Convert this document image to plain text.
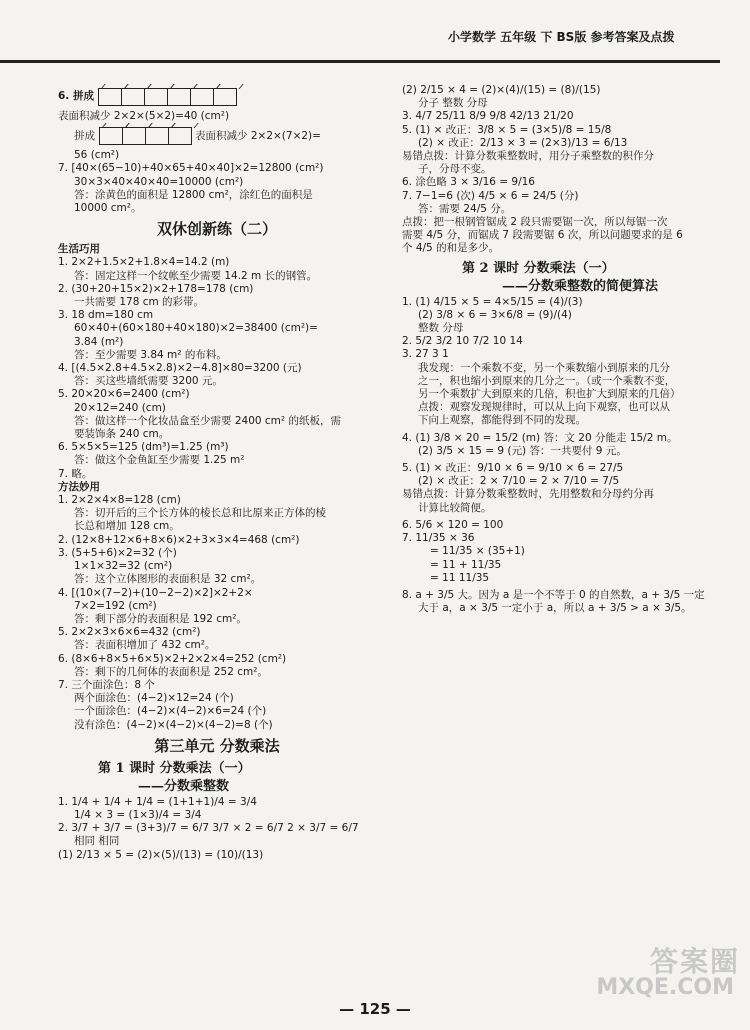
小学数学 五年级 下 BS版 参考答案及点拨
6. 拼成
表面积减少 2×2×(5×2)=40 (cm²)
拼成	表面积减少 2×2×(7×2)=
56 (cm²)
7. [40×(65−10)+40×65+40×40]×2=12800 (cm²)
30×3×40×40×40=10000 (cm²)
答：涂黄色的面积是 12800 cm²，涂红色的面积是
10000 cm²。
双休创新练（二）
生活巧用
1. 2×2+1.5×2+1.8×4=14.2 (m)
答：固定这样一个纹帐至少需要 14.2 m 长的钢管。
2. (30+20+15×2)×2+178=178 (cm)
一共需要 178 cm 的彩带。
3. 18 dm=180 cm
60×40+(60×180+40×180)×2=38400 (cm²)=
3.84 (m²)
答：至少需要 3.84 m² 的布料。
4. [(4.5×2.8+4.5×2.8)×2−4.8]×80=3200 (元)
答：买这些墙纸需要 3200 元。
5. 20×20×6=2400 (cm²)
20×12=240 (cm)
答：做这样一个化妆品盒至少需要 2400 cm² 的纸板，需
要装饰条 240 cm。
6. 5×5×5=125 (dm³)=1.25 (m³)
答：做这个金鱼缸至少需要 1.25 m²
7. 略。
方法妙用
1. 2×2×4×8=128 (cm)
答：切开后的三个长方体的棱长总和比原来正方体的棱
长总和增加 128 cm。
2. (12×8+12×6+8×6)×2+3×3×4=468 (cm²)
3. (5+5+6)×2=32 (个)
1×1×32=32 (cm²)
答：这个立体图形的表面积是 32 cm²。
4. [(10×(7−2)+(10−2−2)×2]×2+2×
7×2=192 (cm²)
答：剩下部分的表面积是 192 cm²。
5. 2×2×3×6×6=432 (cm²)
答：表面积增加了 432 cm²。
6. (8×6+8×5+6×5)×2+2×2×4=252 (cm²)
答：剩下的几何体的表面积是 252 cm²。
7. 三个面涂色：8 个
两个面涂色：(4−2)×12=24 (个)
一个面涂色：(4−2)×(4−2)×6=24 (个)
没有涂色：(4−2)×(4−2)×(4−2)=8 (个)
第三单元 分数乘法
第 1 课时 分数乘法（一）
——分数乘整数
1. 1/4 + 1/4 + 1/4 = (1+1+1)/4 = 3/4
1/4 × 3 = (1×3)/4 = 3/4
2. 3/7 + 3/7 = (3+3)/7 = 6/7 3/7 × 2 = 6/7 2 × 3/7 = 6/7
相同 相同
(1) 2/13 × 5 = (2)×(5)/(13) = (10)/(13)
(2) 2/15 × 4 = (2)×(4)/(15) = (8)/(15)
分子 整数 分母
3. 4/7 25/11 8/9 9/8 42/13 21/20
5. (1) × 改正：3/8 × 5 = (3×5)/8 = 15/8
(2) × 改正：2/13 × 3 = (2×3)/13 = 6/13
易错点拨：计算分数乘整数时，用分子乘整数的积作分
子，分母不变。
6. 涂色略 3 × 3/16 = 9/16
7. 7−1=6 (次) 4/5 × 6 = 24/5 (分)
答：需要 24/5 分。
点拨：把一根钢管锯成 2 段只需要锯一次，所以每锯一次
需要 4/5 分，而锯成 7 段需要锯 6 次，所以问题要求的是 6
个 4/5 的和是多少。
第 2 课时 分数乘法（一）
——分数乘整数的简便算法
1. (1) 4/15 × 5 = 4×5/15 = (4)/(3)
(2) 3/8 × 6 = 3×6/8 = (9)/(4)
整数 分母
2. 5/2 3/2 10 7/2 10 14
3. 27 3 1
我发现：一个乘数不变，另一个乘数缩小到原来的几分
之一，积也缩小到原来的几分之一。（或一个乘数不变，
另一个乘数扩大到原来的几倍，积也扩大到原来的几倍）
点拨：观察发现规律时，可以从上向下观察，也可以从
下向上观察，都能得到不同的发现。
4. (1) 3/8 × 20 = 15/2 (m) 答：文 20 分能走 15/2 m。
(2) 3/5 × 15 = 9 (元) 答：一共要付 9 元。
5. (1) × 改正：9/10 × 6 = 9/10 × 6 = 27/5
(2) × 改正：2 × 7/10 = 2 × 7/10 = 7/5
易错点拨：计算分数乘整数时，先用整数和分母约分再
计算比较简便。
6. 5/6 × 120 = 100
7. 11/35 × 36
= 11/35 × (35+1)
= 11 + 11/35
= 11 11/35
8. a + 3/5 大。因为 a 是一个不等于 0 的自然数，a + 3/5 一定
大于 a，a × 3/5 一定小于 a，所以 a + 3/5 > a × 3/5。
答案圈
MXQE.COM
— 125 —
